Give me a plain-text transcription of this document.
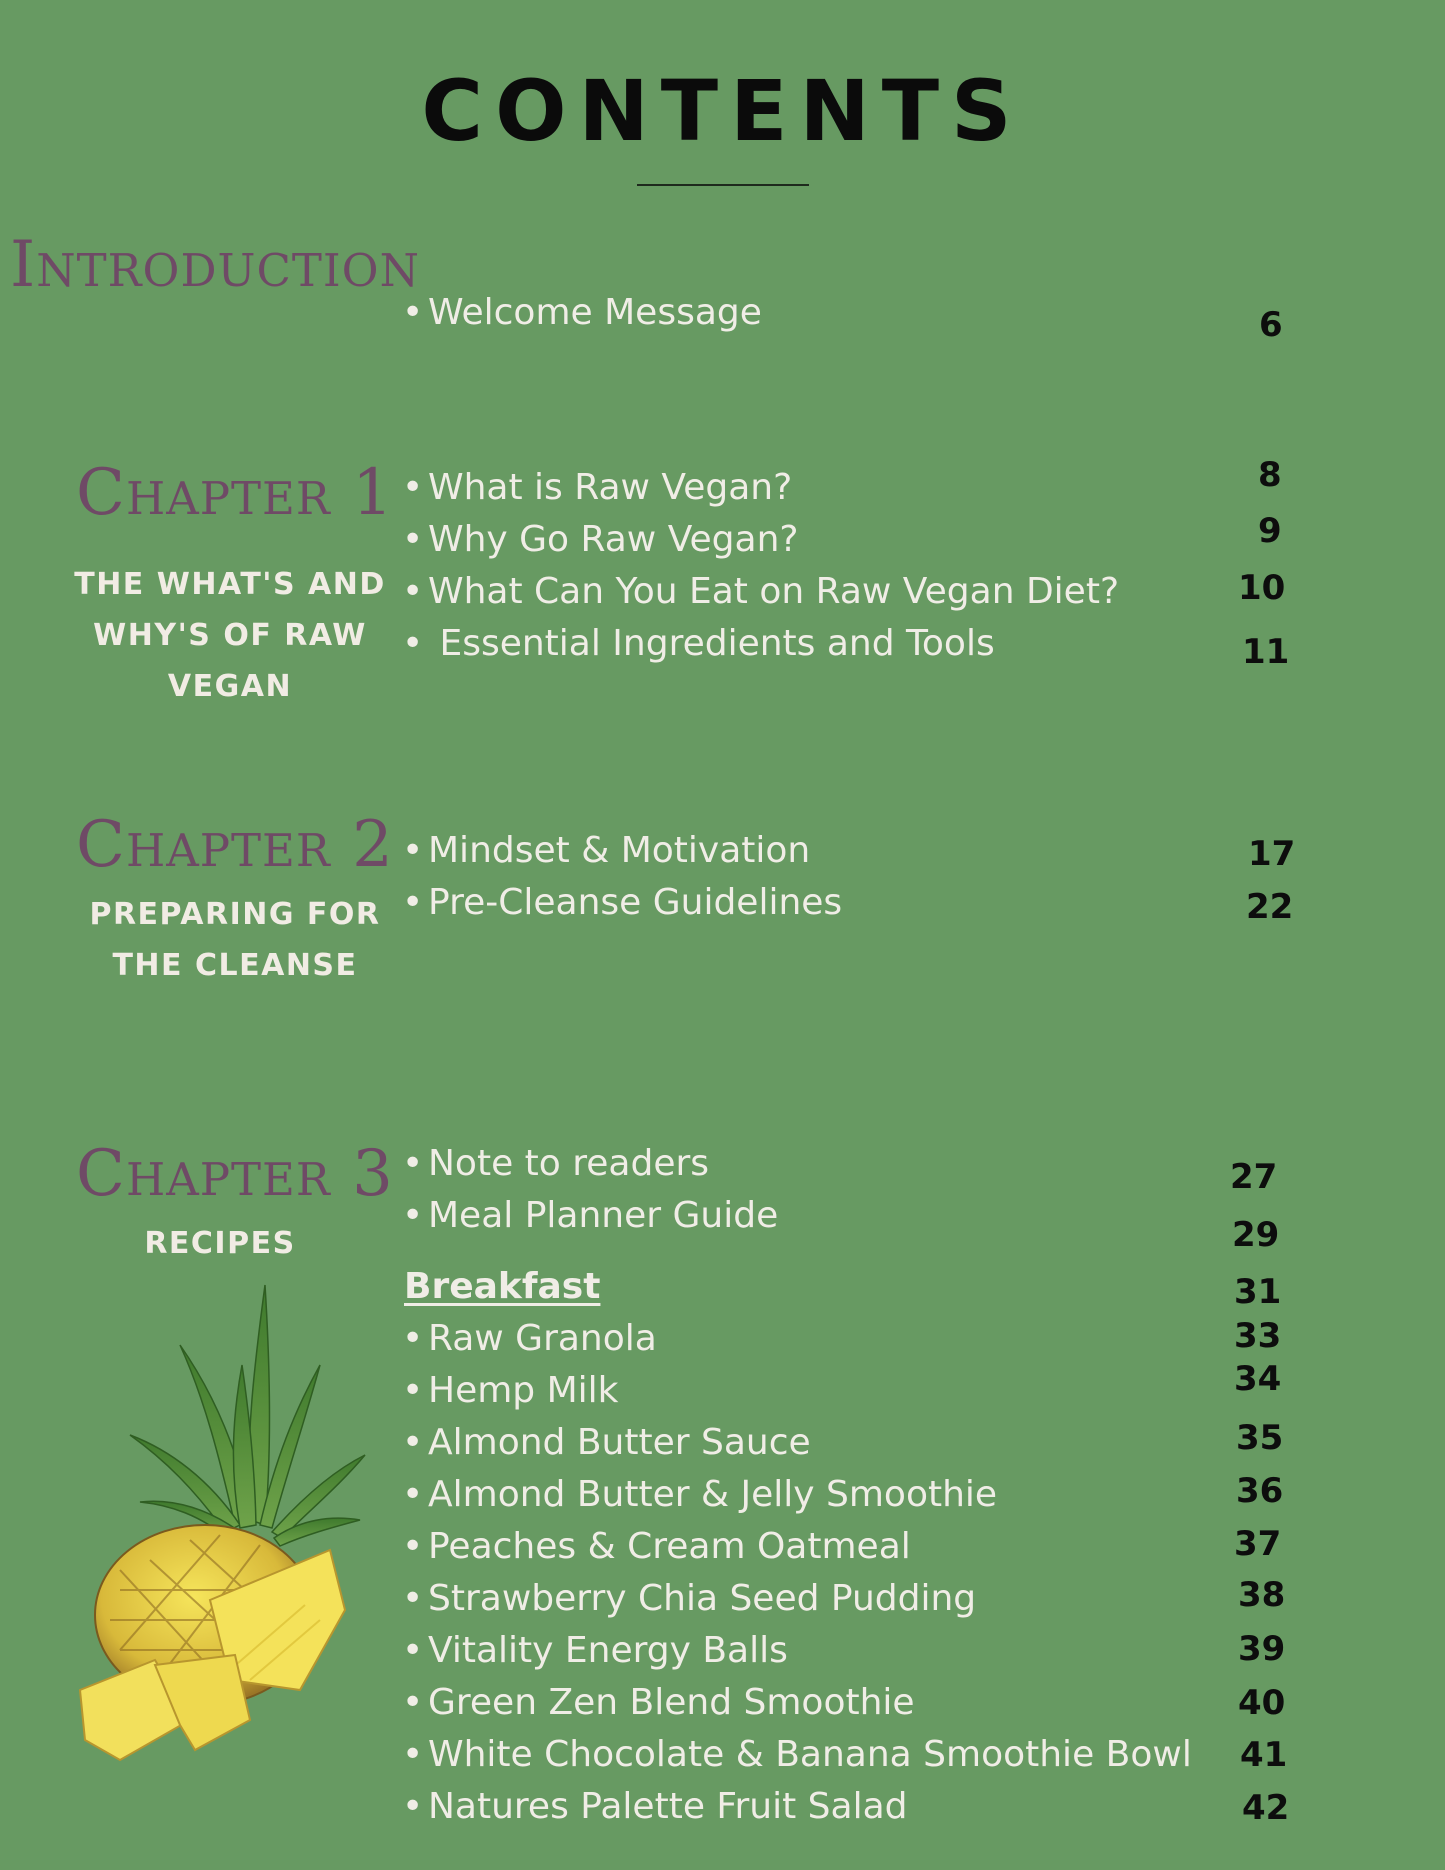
CONTENTS
Introduction
• Welcome Message	6
Chapter 1
THE WHAT'S AND
WHY'S OF RAW
VEGAN
• What is Raw Vegan?
• Why Go Raw Vegan?
• What Can You Eat on Raw Vegan Diet?
• Essential Ingredients and Tools
8
9
10
11
Chapter 2
PREPARING FOR
THE CLEANSE
• Mindset & Motivation
• Pre-Cleanse Guidelines
17
22
Chapter 3
RECIPES
• Note to readers
• Meal Planner Guide
27
29
Breakfast	31
• Raw Granola
• Hemp Milk
• Almond Butter Sauce
• Almond Butter & Jelly Smoothie
• Peaches & Cream Oatmeal
• Strawberry Chia Seed Pudding
• Vitality Energy Balls
• Green Zen Blend Smoothie
• White Chocolate & Banana Smoothie Bowl
• Natures Palette Fruit Salad
33
34
35
36
37
38
39
40
41
42
